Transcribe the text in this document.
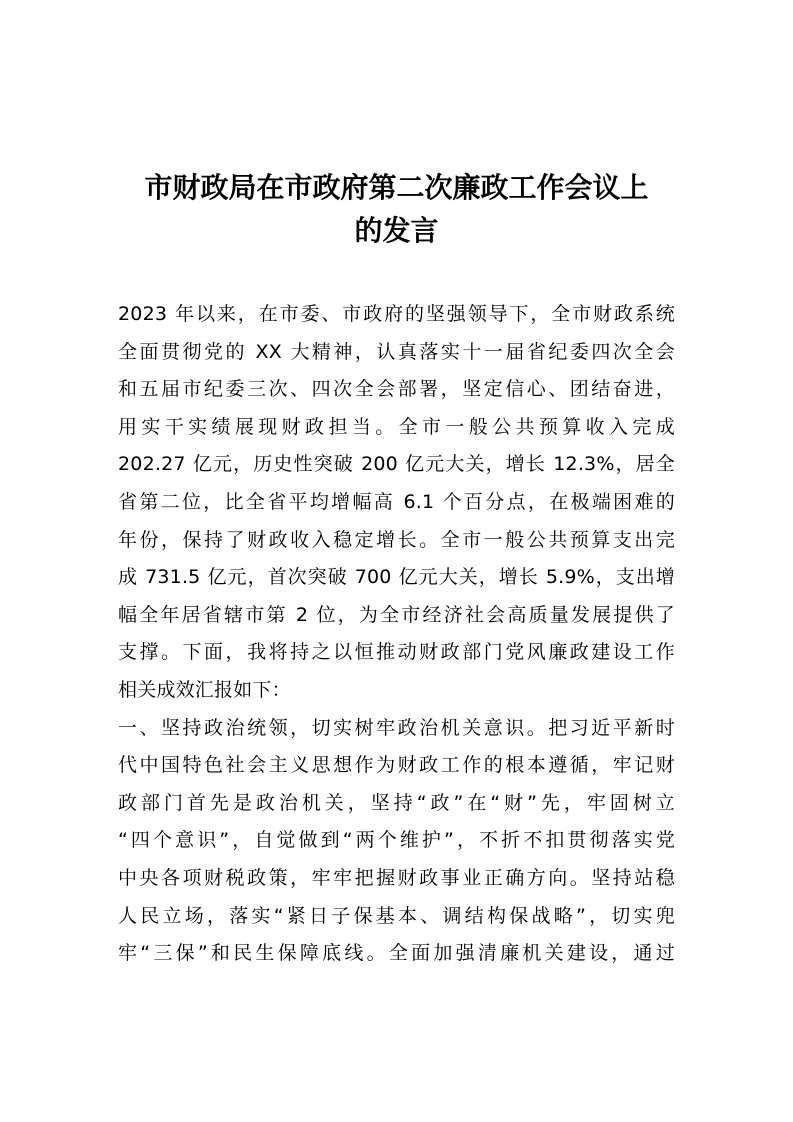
市财政局在市政府第二次廉政工作会议上
的发言
2023 年以来，在市委、市政府的坚强领导下，全市财政系统
全面贯彻党的 XX 大精神，认真落实十一届省纪委四次全会
和五届市纪委三次、四次全会部署，坚定信心、团结奋进，
用实干实绩展现财政担当。全市一般公共预算收入完成
202.27 亿元，历史性突破 200 亿元大关，增长 12.3%，居全
省第二位，比全省平均增幅高 6.1 个百分点，在极端困难的
年份，保持了财政收入稳定增长。全市一般公共预算支出完
成 731.5 亿元，首次突破 700 亿元大关，增长 5.9%，支出增
幅全年居省辖市第 2 位，为全市经济社会高质量发展提供了
支撑。下面，我将持之以恒推动财政部门党风廉政建设工作
相关成效汇报如下：
一、坚持政治统领，切实树牢政治机关意识。把习近平新时
代中国特色社会主义思想作为财政工作的根本遵循，牢记财
政部门首先是政治机关，坚持“政”在“财”先，牢固树立
“四个意识”，自觉做到“两个维护”，不折不扣贯彻落实党
中央各项财税政策，牢牢把握财政事业正确方向。坚持站稳
人民立场，落实“紧日子保基本、调结构保战略”，切实兜
牢“三保”和民生保障底线。全面加强清廉机关建设，通过
